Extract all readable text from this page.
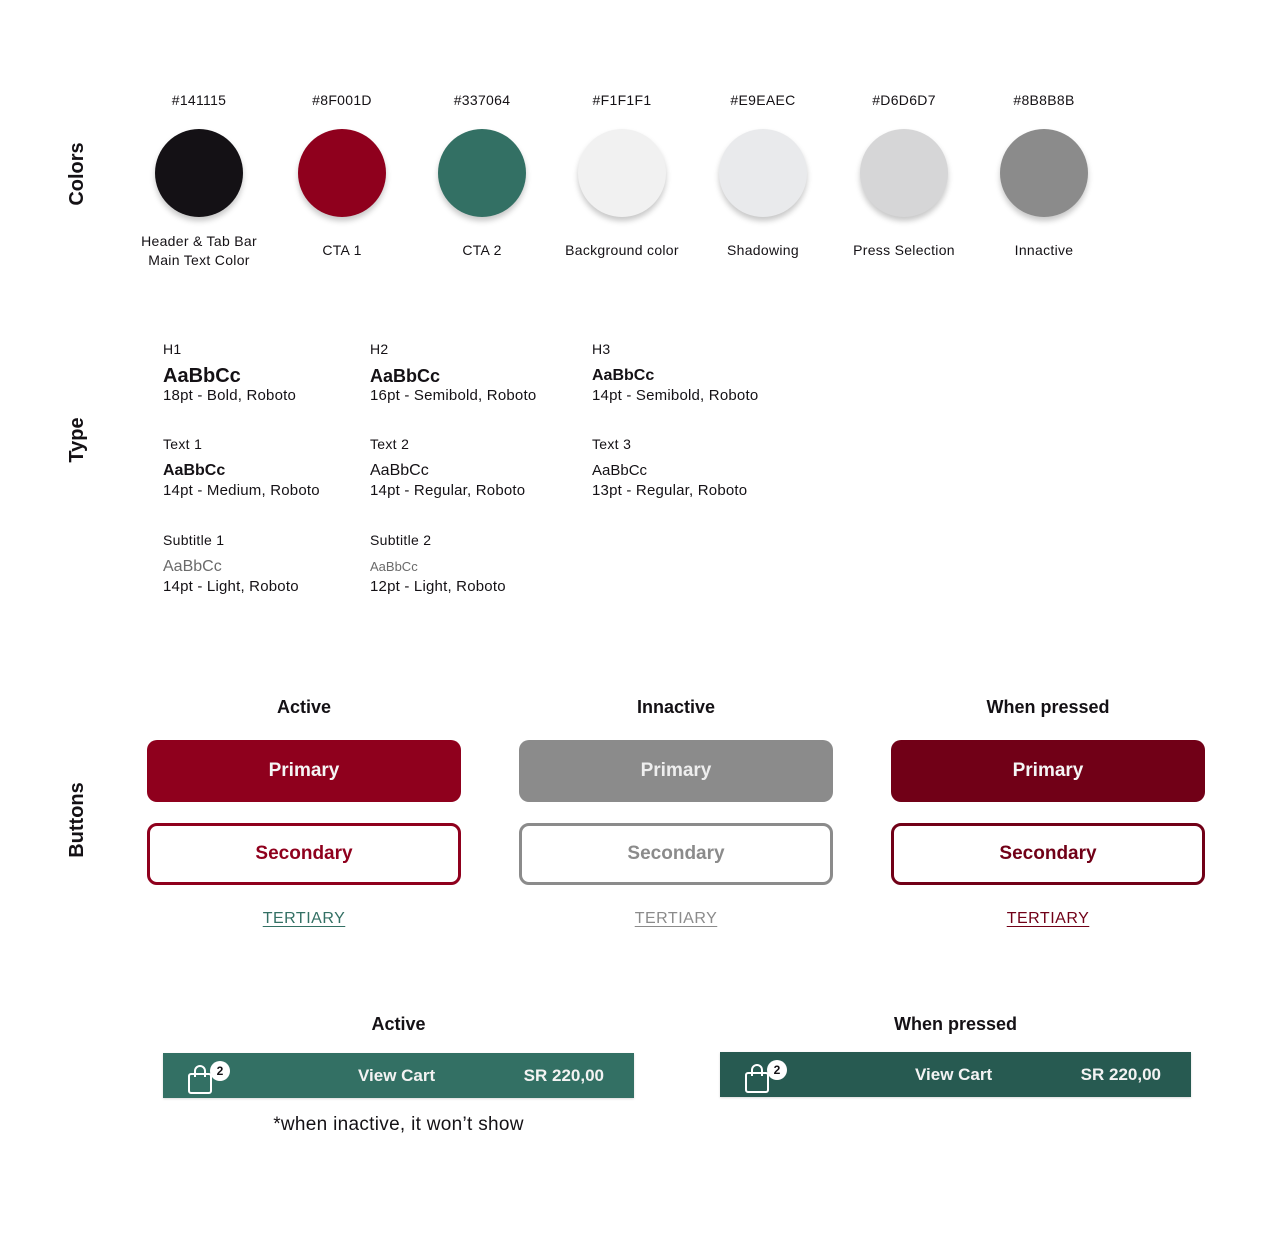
Colors
Type
Buttons
#141115
Header & Tab Bar
Main Text Color
#8F001D
CTA 1
#337064
CTA 2
#F1F1F1
Background color
#E9EAEC
Shadowing
#D6D6D7
Press Selection
#8B8B8B
Innactive
H1
AaBbCc
18pt - Bold, Roboto
H2
AaBbCc
16pt - Semibold, Roboto
H3
AaBbCc
14pt - Semibold, Roboto
Text 1
AaBbCc
14pt - Medium, Roboto
Text 2
AaBbCc
14pt - Regular, Roboto
Text 3
AaBbCc
13pt - Regular, Roboto
Subtitle 1
AaBbCc
14pt - Light, Roboto
Subtitle 2
AaBbCc
12pt - Light, Roboto
Active
Primary
Secondary
TERTIARY
Innactive
Primary
Secondary
TERTIARY
When pressed
Primary
Secondary
TERTIARY
Active
2	View Cart	SR 220,00
*when inactive, it won’t show
When pressed
2	View Cart	SR 220,00
